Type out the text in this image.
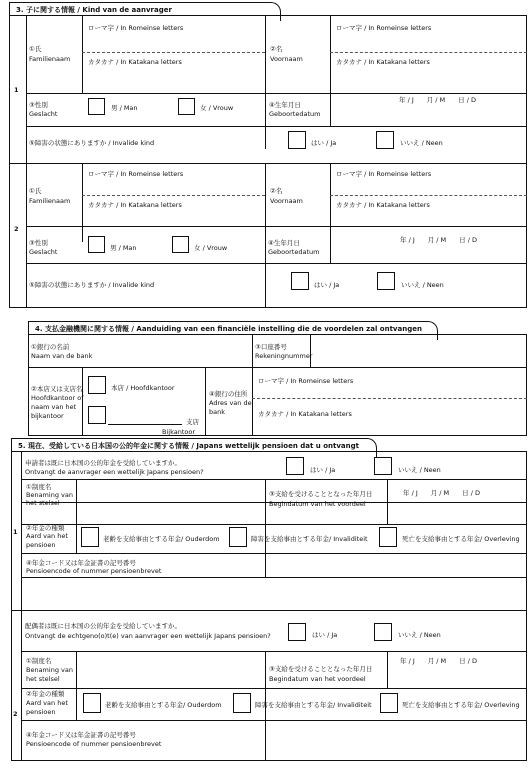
3. 子に関する情報 / Kind van de aanvrager
1
①氏
Familienaam
ローマ字 / In Romeinse letters
カタカナ / In Katakana letters
②名
Voornaam
ローマ字 / In Romeinse letters
カタカナ / In Katakana letters
③性別
Geslacht
男 / Man	女 / Vrouw	④生年月日
Geboortedatum
年 / J　　月 / M　　日 / D
⑤障害の状態にありますか / Invalide kind	はい / Ja	いいえ / Neen
2
①氏
Familienaam
ローマ字 / In Romeinse letters
カタカナ / In Katakana letters
②名
Voornaam
ローマ字 / In Romeinse letters
カタカナ / In Katakana letters
③性別
Geslacht	男 / Man	女 / Vrouw
④生年月日
Geboortedatum
年 / J　　月 / M　　日 / D
⑤障害の状態にありますか / Invalide kind	はい / Ja	いいえ / Neen
4. 支払金融機関に関する情報 / Aanduiding van een financiële instelling die de voordelen zal ontvangen
①銀行の名前
Naam van de bank
③口座番号
Rekeningnummer
②本店又は支店名
Hoofdkantoor of
naam van het
bijkantoor
本店 / Hoofdkantoor
支店
Bijkantoor
④銀行の住所
Adres van de
bank
ローマ字 / In Romeinse letters
カタカナ / In Katakana letters
5. 現在、受給している日本国の公的年金に関する情報 / Japans wettelijk pensioen dat u ontvangt
1
申請者は既に日本国の公的年金を受給していますか。
Ontvangt de aanvrager een wettelijk Japans pensioen?	はい / Ja	いいえ / Neen
①制度名
Benaming van
het stelsel
③支給を受けることとなった年月日
Begindatum van het voordeel
年 / J　　月 / M　　日 / D
②年金の種類
Aard van het
pensioen
老齢を支給事由とする年金/ Ouderdom	障害を支給事由とする年金/ Invaliditeit	死亡を支給事由とする年金/ Overleving
④年金コード又は年金証書の記号番号
Pensioencode of nummer pensioenbrevet
2
配偶者は既に日本国の公的年金を受給していますか。
Ontvangt de echtgeno(o)t(e) van aanvrager een wettelijk Japans pensioen?	はい / Ja	いいえ / Neen
①制度名
Benaming van
het stelsel
③支給を受けることとなった年月日
Begindatum van het voordeel
年 / J　　月 / M　　日 / D
②年金の種類
Aard van het
pensioen
老齢を支給事由とする年金/ Ouderdom	障害を支給事由とする年金/ Invaliditeit	死亡を支給事由とする年金/ Overleving
④年金コード又は年金証書の記号番号
Pensioencode of nummer pensioenbrevet
